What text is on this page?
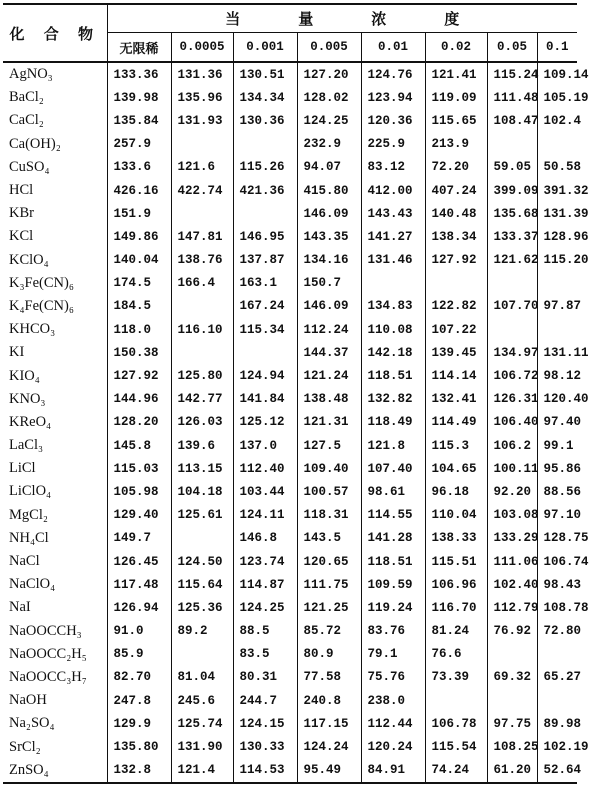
化 合 物	当量浓度							
	无限稀	0.0005	0.001	0.005	0.01	0.02	0.05	0.1
AgNO₃	133.36	131.36	130.51	127.20	124.76	121.41	115.24	109.14
BaCl₂	139.98	135.96	134.34	128.02	123.94	119.09	111.48	105.19
CaCl₂	135.84	131.93	130.36	124.25	120.36	115.65	108.47	102.4
Ca(OH)₂	257.9			232.9	225.9	213.9		
CuSO₄	133.6	121.6	115.26	94.07	83.12	72.20	59.05	50.58
HCl	426.16	422.74	421.36	415.80	412.00	407.24	399.09	391.32
KBr	151.9			146.09	143.43	140.48	135.68	131.39
KCl	149.86	147.81	146.95	143.35	141.27	138.34	133.37	128.96
KClO₄	140.04	138.76	137.87	134.16	131.46	127.92	121.62	115.20
K₃Fe(CN)₆	174.5	166.4	163.1	150.7				
K₄Fe(CN)₆	184.5		167.24	146.09	134.83	122.82	107.70	97.87
KHCO₃	118.0	116.10	115.34	112.24	110.08	107.22		
KI	150.38			144.37	142.18	139.45	134.97	131.11
KIO₄	127.92	125.80	124.94	121.24	118.51	114.14	106.72	98.12
KNO₃	144.96	142.77	141.84	138.48	132.82	132.41	126.31	120.40
KReO₄	128.20	126.03	125.12	121.31	118.49	114.49	106.40	97.40
LaCl₃	145.8	139.6	137.0	127.5	121.8	115.3	106.2	99.1
LiCl	115.03	113.15	112.40	109.40	107.40	104.65	100.11	95.86
LiClO₄	105.98	104.18	103.44	100.57	98.61	96.18	92.20	88.56
MgCl₂	129.40	125.61	124.11	118.31	114.55	110.04	103.08	97.10
NH₄Cl	149.7		146.8	143.5	141.28	138.33	133.29	128.75
NaCl	126.45	124.50	123.74	120.65	118.51	115.51	111.06	106.74
NaClO₄	117.48	115.64	114.87	111.75	109.59	106.96	102.40	98.43
NaI	126.94	125.36	124.25	121.25	119.24	116.70	112.79	108.78
NaOOCCH₃	91.0	89.2	88.5	85.72	83.76	81.24	76.92	72.80
NaOOCC₂H₅	85.9		83.5	80.9	79.1	76.6		
NaOOCC₃H₇	82.70	81.04	80.31	77.58	75.76	73.39	69.32	65.27
NaOH	247.8	245.6	244.7	240.8	238.0			
Na₂SO₄	129.9	125.74	124.15	117.15	112.44	106.78	97.75	89.98
SrCl₂	135.80	131.90	130.33	124.24	120.24	115.54	108.25	102.19
ZnSO₄	132.8	121.4	114.53	95.49	84.91	74.24	61.20	52.64
